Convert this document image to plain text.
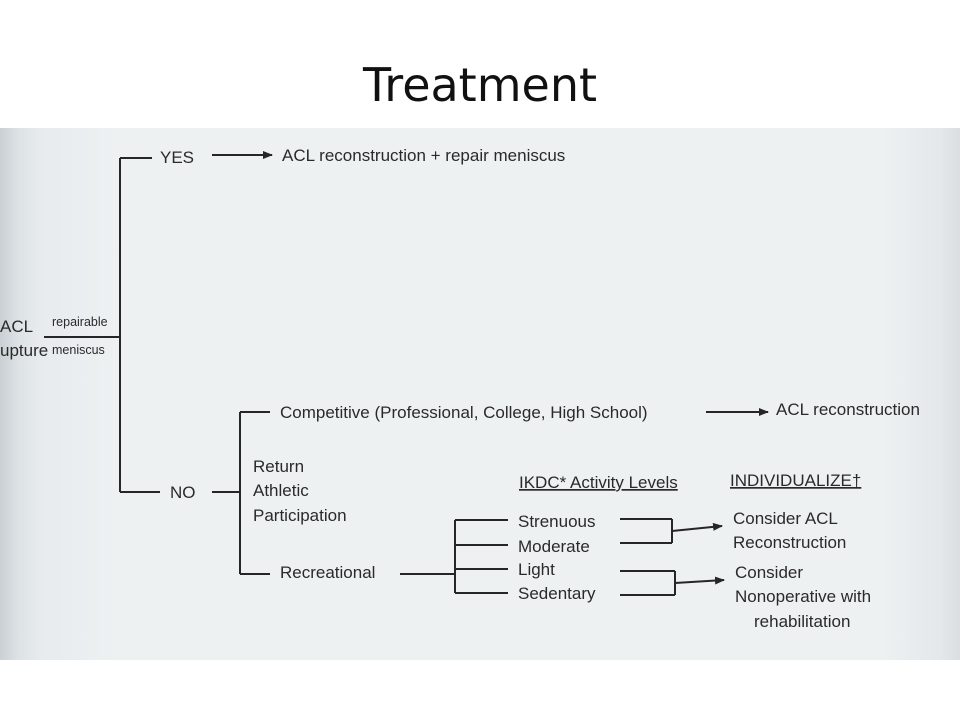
Treatment
ACL
upture
repairable
meniscus
YES	ACL reconstruction + repair meniscus
NO
Competitive (Professional, College, High School)	ACL reconstruction
Return
Athletic
Participation
Recreational
IKDC* Activity Levels	INDIVIDUALIZE†
Strenuous
Moderate
Light
Sedentary
Consider ACL
Reconstruction
Consider
Nonoperative with
rehabilitation
